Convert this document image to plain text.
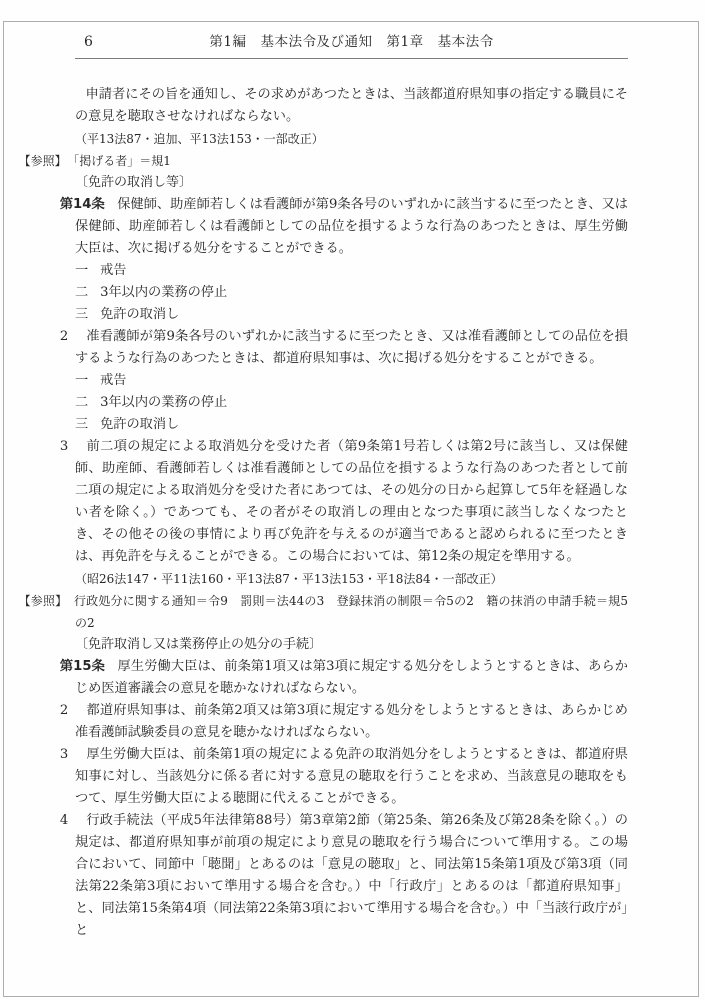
6	第1編　基本法令及び通知　第1章　基本法令

申請者にその旨を通知し、その求めがあつたときは、当該都道府県知事の指定する職員にその意見を聴取させなければならない。

（平13法87・追加、平13法153・一部改正）

【参照】 「掲げる者」＝規1

〔免許の取消し等〕

第14条 保健師、助産師若しくは看護師が第9条各号のいずれかに該当するに至つたとき、又は保健師、助産師若しくは看護師としての品位を損するような行為のあつたときは、厚生労働大臣は、次に掲げる処分をすることができる。

一 戒告

二 3年以内の業務の停止

三 免許の取消し

2 准看護師が第9条各号のいずれかに該当するに至つたとき、又は准看護師としての品位を損するような行為のあつたときは、都道府県知事は、次に掲げる処分をすることができる。

一 戒告

二 3年以内の業務の停止

三 免許の取消し

3 前二項の規定による取消処分を受けた者（第9条第1号若しくは第2号に該当し、又は保健師、助産師、看護師若しくは准看護師としての品位を損するような行為のあつた者として前二項の規定による取消処分を受けた者にあつては、その処分の日から起算して5年を経過しない者を除く。）であつても、その者がその取消しの理由となつた事項に該当しなくなつたとき、その他その後の事情により再び免許を与えるのが適当であると認められるに至つたときは、再免許を与えることができる。この場合においては、第12条の規定を準用する。

（昭26法147・平11法160・平13法87・平13法153・平18法84・一部改正）

【参照】 行政処分に関する通知＝令9　罰則＝法44の3　登録抹消の制限＝令5の2　籍の抹消の申請手続＝規5の2

〔免許取消し又は業務停止の処分の手続〕

第15条 厚生労働大臣は、前条第1項又は第3項に規定する処分をしようとするときは、あらかじめ医道審議会の意見を聴かなければならない。

2 都道府県知事は、前条第2項又は第3項に規定する処分をしようとするときは、あらかじめ准看護師試験委員の意見を聴かなければならない。

3 厚生労働大臣は、前条第1項の規定による免許の取消処分をしようとするときは、都道府県知事に対し、当該処分に係る者に対する意見の聴取を行うことを求め、当該意見の聴取をもつて、厚生労働大臣による聴聞に代えることができる。

4 行政手続法（平成5年法律第88号）第3章第2節（第25条、第26条及び第28条を除く。）の規定は、都道府県知事が前項の規定により意見の聴取を行う場合について準用する。この場合において、同節中「聴聞」とあるのは「意見の聴取」と、同法第15条第1項及び第3項（同法第22条第3項において準用する場合を含む。）中「行政庁」とあるのは「都道府県知事」と、同法第15条第4項（同法第22条第3項において準用する場合を含む。）中「当該行政庁が」と
